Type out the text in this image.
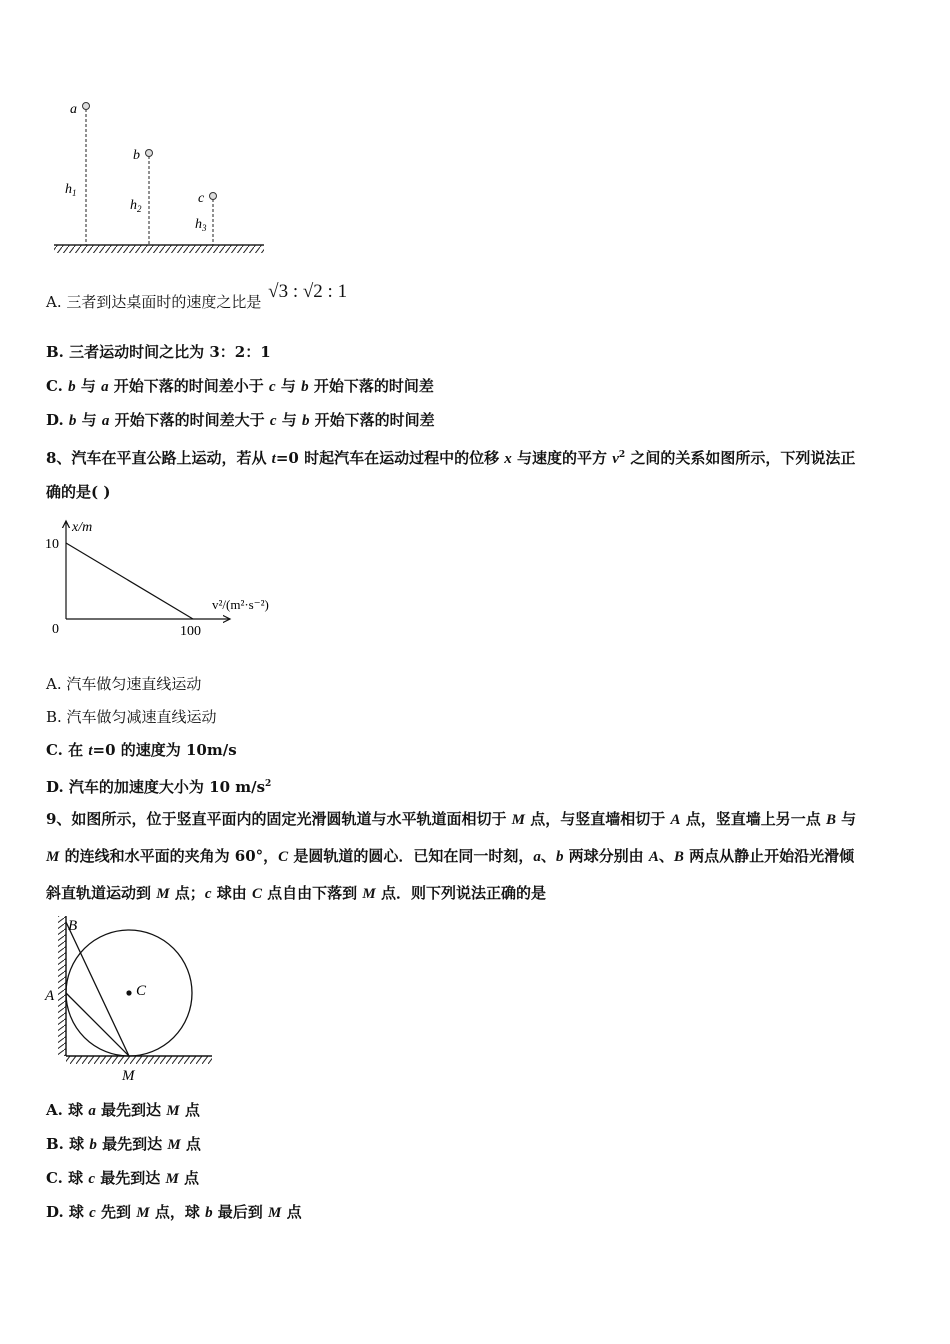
a
b
c
$h_1$
$h_2$
$h_3$
A. 三者到达桌面时的速度之比是 √3 : √2 : 1
B. 三者运动时间之比为 3：2：1
C. b 与 a 开始下落的时间差小于 c 与 b 开始下落的时间差
D. b 与 a 开始下落的时间差大于 c 与 b 开始下落的时间差
8、汽车在平直公路上运动，若从 t=0 时起汽车在运动过程中的位移 x 与速度的平方 $v^2$ 之间的关系如图所示，下列说法正
确的是( )
x/m
v²/(m²·s⁻²)
0
10
100
A. 汽车做匀速直线运动
B. 汽车做匀减速直线运动
C. 在 t=0 的速度为 10m/s
D. 汽车的加速度大小为 10 $m/s^2$
9、如图所示，位于竖直平面内的固定光滑圆轨道与水平轨道面相切于 M 点，与竖直墙相切于 A 点，竖直墙上另一点 B 与
M 的连线和水平面的夹角为 60°，C 是圆轨道的圆心．已知在同一时刻，a、b 两球分别由 A、B 两点从静止开始沿光滑倾
斜直轨道运动到 M 点；c 球由 C 点自由下落到 M 点．则下列说法正确的是
B
A	C
M
A. 球 a 最先到达 M 点
B. 球 b 最先到达 M 点
C. 球 c 最先到达 M 点
D. 球 c 先到 M 点，球 b 最后到 M 点
